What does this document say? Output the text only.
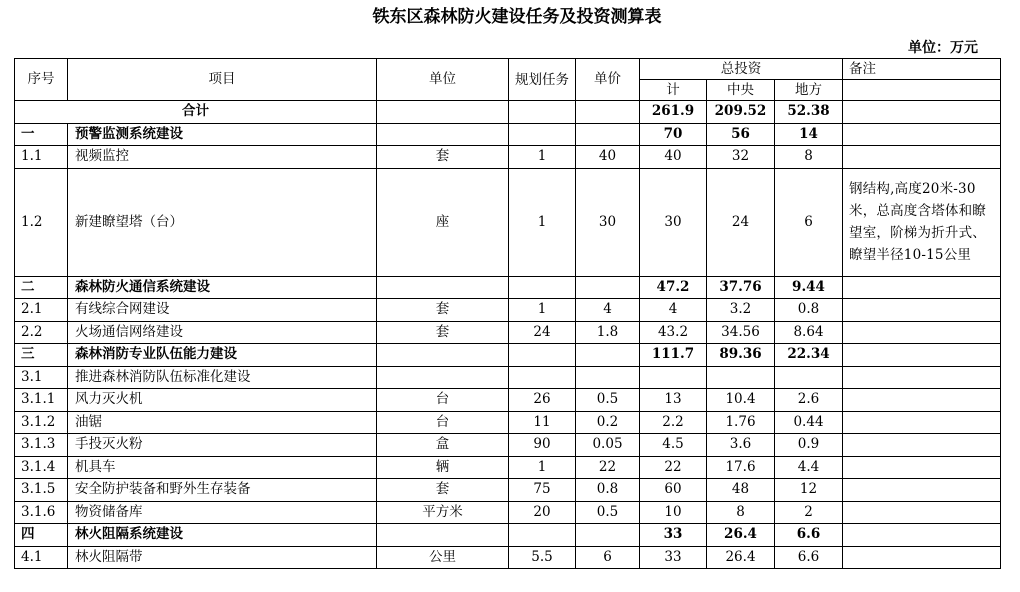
铁东区森林防火建设任务及投资测算表
单位：万元
序号	项目	单位	规划任务	单价	总投资			备注
					计	中央	地方	
合计					261.9	209.52	52.38	
一	预警监测系统建设				70	56	14	
1.1	视频监控	套	1	40	40	32	8	
1.2	新建瞭望塔（台）	座	1	30	30	24	6	钢结构,高度20米-30米，总高度含塔体和瞭望室，阶梯为折升式、瞭望半径10-15公里
二	森林防火通信系统建设				47.2	37.76	9.44	
2.1	有线综合网建设	套	1	4	4	3.2	0.8	
2.2	火场通信网络建设	套	24	1.8	43.2	34.56	8.64	
三	森林消防专业队伍能力建设				111.7	89.36	22.34	
3.1	推进森林消防队伍标准化建设							
3.1.1	风力灭火机	台	26	0.5	13	10.4	2.6	
3.1.2	油锯	台	11	0.2	2.2	1.76	0.44	
3.1.3	手投灭火粉	盒	90	0.05	4.5	3.6	0.9	
3.1.4	机具车	辆	1	22	22	17.6	4.4	
3.1.5	安全防护装备和野外生存装备	套	75	0.8	60	48	12	
3.1.6	物资储备库	平方米	20	0.5	10	8	2	
四	林火阻隔系统建设				33	26.4	6.6	
4.1	林火阻隔带	公里	5.5	6	33	26.4	6.6	
